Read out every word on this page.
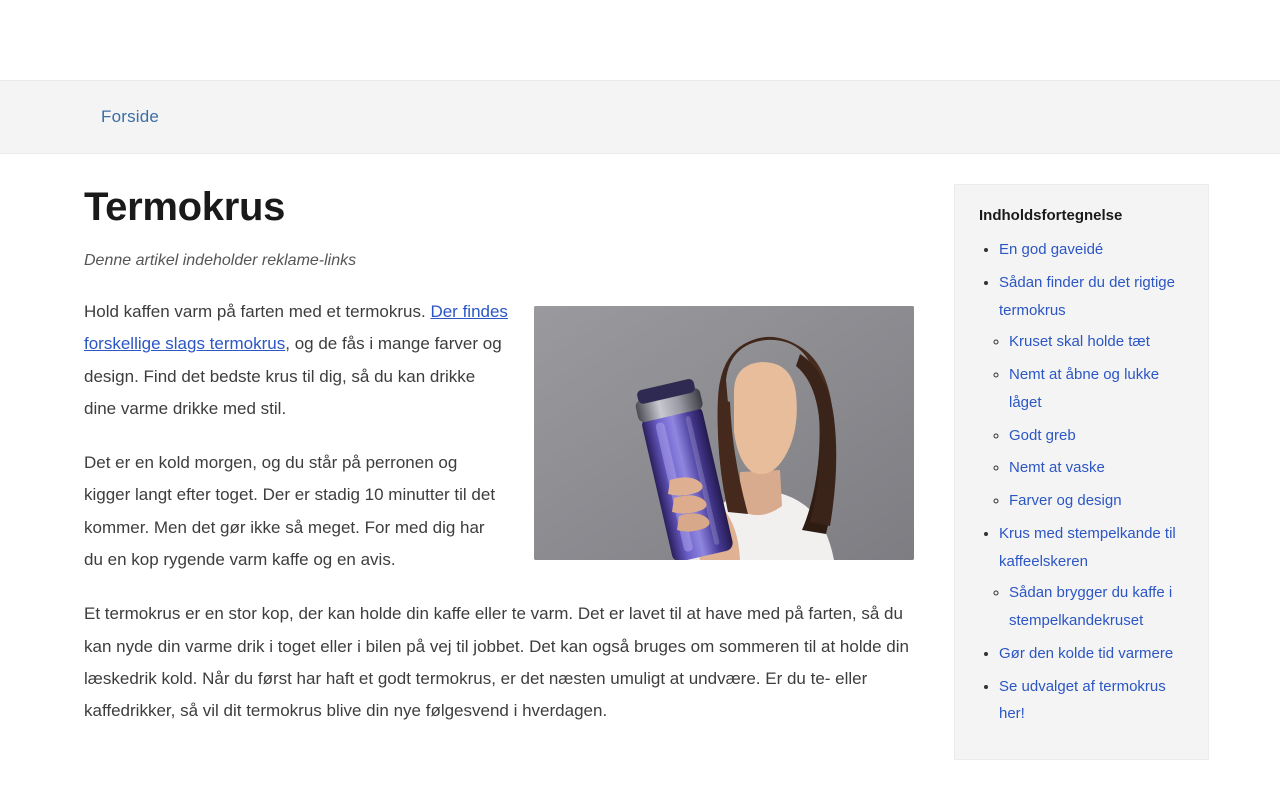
Forside
Termokrus
Denne artikel indeholder reklame-links

Hold kaffen varm på farten med et termokrus. Der findes forskellige slags termokrus, og de fås i mange farver og design. Find det bedste krus til dig, så du kan drikke dine varme drikke med stil.

Det er en kold morgen, og du står på perronen og kigger langt efter toget. Der er stadig 10 minutter til det kommer. Men det gør ikke så meget. For med dig har du en kop rygende varm kaffe og en avis.

Et termokrus er en stor kop, der kan holde din kaffe eller te varm. Det er lavet til at have med på farten, så du kan nyde din varme drik i toget eller i bilen på vej til jobbet. Det kan også bruges om sommeren til at holde din læskedrik kold. Når du først har haft et godt termokrus, er det næsten umuligt at undvære. Er du te- eller kaffedrikker, så vil dit termokrus blive din nye følgesvend i hverdagen.

Indholdsfortegnelse
• En god gaveidé
• Sådan finder du det rigtige termokrus
◦ Kruset skal holde tæt
◦ Nemt at åbne og lukke låget
◦ Godt greb
◦ Nemt at vaske
◦ Farver og design
• Krus med stempelkande til kaffeelskeren
◦ Sådan brygger du kaffe i stempelkandekruset
• Gør den kolde tid varmere
• Se udvalget af termokrus her!
